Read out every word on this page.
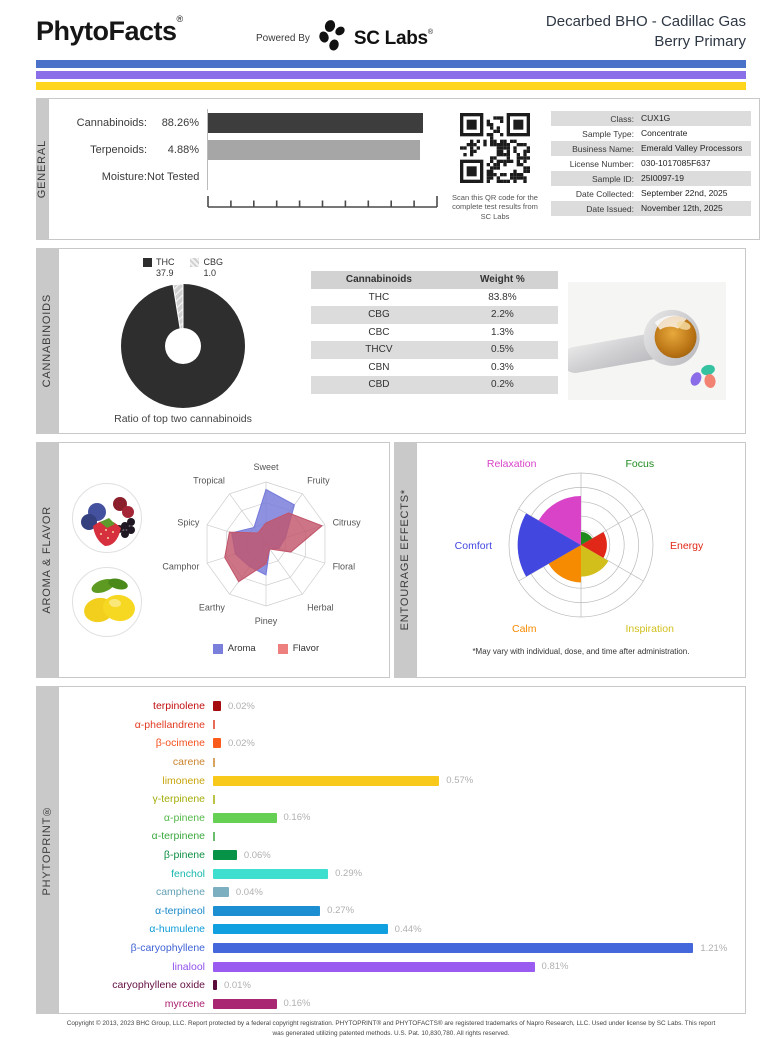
PhytoFacts®
Powered By SC Labs®
Decarbed BHO - Cadillac Gas
Berry Primary
GENERAL
Cannabinoids:	88.26%
Terpenoids:	4.88%
Moisture: Not Tested
Scan this QR code for the complete test results from SC Labs
Class: CUX1G
Sample Type: Concentrate
Business Name: Emerald Valley Processors
License Number: 030-1017085F637
Sample ID: 25I0097-19
Date Collected: September 22nd, 2025
Date Issued: November 12th, 2025
CANNABINOIDS
THC
37.9
CBG
1.0
Ratio of top two cannabinoids
Cannabinoids	Weight %
THC	83.8%
CBG	2.2%
CBC	1.3%
THCV	0.5%
CBN	0.3%
CBD	0.2%
AROMA & FLAVOR
Sweet
Fruity
Citrusy
Floral
Herbal
Piney
Earthy
Camphor
Spicy
Tropical
Aroma	Flavor
ENTOURAGE EFFECTS*
Focus
Energy
Inspiration
Calm
Comfort
Relaxation
*May vary with individual, dose, and time after administration.
PHYTOPRINT®
terpinolene	0.02%
α-phellandrene
β-ocimene	0.02%
carene
limonene	0.57%
γ-terpinene
α-pinene	0.16%
α-terpinene
β-pinene	0.06%
fenchol	0.29%
camphene	0.04%
α-terpineol	0.27%
α-humulene	0.44%
β-caryophyllene	1.21%
linalool	0.81%
caryophyllene oxide	0.01%
myrcene	0.16%
Copyright © 2013, 2023 BHC Group, LLC. Report protected by a federal copyright registration. PHYTOPRINT® and PHYTOFACTS® are registered trademarks of Napro Research, LLC. Used under license by SC Labs. This report
was generated utilizing patented methods. U.S. Pat. 10,830,780. All rights reserved.
